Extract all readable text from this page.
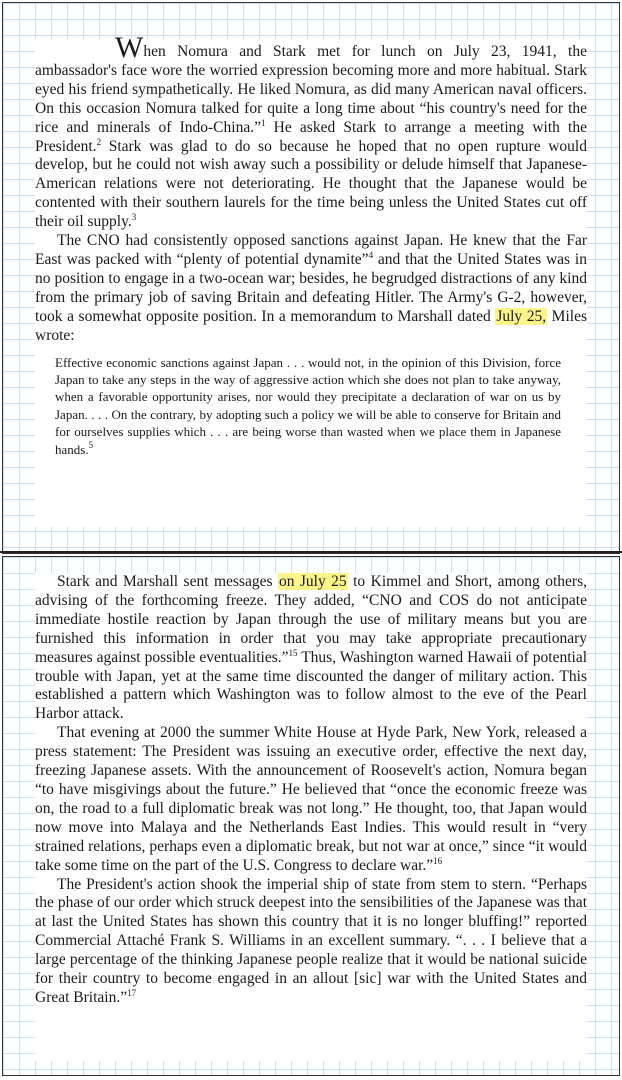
When Nomura and Stark met for lunch on July 23, 1941, the ambassador's face wore the worried expression becoming more and more habitual. Stark eyed his friend sympathetically. He liked Nomura, as did many American naval officers. On this occasion Nomura talked for quite a long time about “his country's need for the rice and minerals of Indo-China.”$^1$ He asked Stark to arrange a meeting with the President.$^2$ Stark was glad to do so because he hoped that no open rupture would develop, but he could not wish away such a possibility or delude himself that Japanese-American relations were not deteriorating. He thought that the Japanese would be contented with their southern laurels for the time being unless the United States cut off their oil supply.$^3$

The CNO had consistently opposed sanctions against Japan. He knew that the Far East was packed with “plenty of potential dynamite”$^4$ and that the United States was in no position to engage in a two-ocean war; besides, he begrudged distractions of any kind from the primary job of saving Britain and defeating Hitler. The Army's G-2, however, took a somewhat opposite position. In a memorandum to Marshall dated July 25, Miles wrote:

Effective economic sanctions against Japan . . . would not, in the opinion of this Division, force Japan to take any steps in the way of aggressive action which she does not plan to take anyway, when a favorable opportunity arises, nor would they precipitate a declaration of war on us by Japan. . . . On the contrary, by adopting such a policy we will be able to conserve for Britain and for ourselves supplies which . . . are being worse than wasted when we place them in Japanese hands.$^5$

Stark and Marshall sent messages on July 25 to Kimmel and Short, among others, advising of the forthcoming freeze. They added, “CNO and COS do not anticipate immediate hostile reaction by Japan through the use of military means but you are furnished this information in order that you may take appropriate precautionary measures against possible eventualities.”$^{15}$ Thus, Washington warned Hawaii of potential trouble with Japan, yet at the same time discounted the danger of military action. This established a pattern which Washington was to follow almost to the eve of the Pearl Harbor attack.

That evening at 2000 the summer White House at Hyde Park, New York, released a press statement: The President was issuing an executive order, effective the next day, freezing Japanese assets. With the announcement of Roosevelt's action, Nomura began “to have misgivings about the future.” He believed that “once the economic freeze was on, the road to a full diplomatic break was not long.” He thought, too, that Japan would now move into Malaya and the Netherlands East Indies. This would result in “very strained relations, perhaps even a diplomatic break, but not war at once,” since “it would take some time on the part of the U.S. Congress to declare war.”$^{16}$

The President's action shook the imperial ship of state from stem to stern. “Perhaps the phase of our order which struck deepest into the sensibilities of the Japanese was that at last the United States has shown this country that it is no longer bluffing!” reported Commercial Attaché Frank S. Williams in an excellent summary. “. . . I believe that a large percentage of the thinking Japanese people realize that it would be national suicide for their country to become engaged in an allout [sic] war with the United States and Great Britain.”$^{17}$
